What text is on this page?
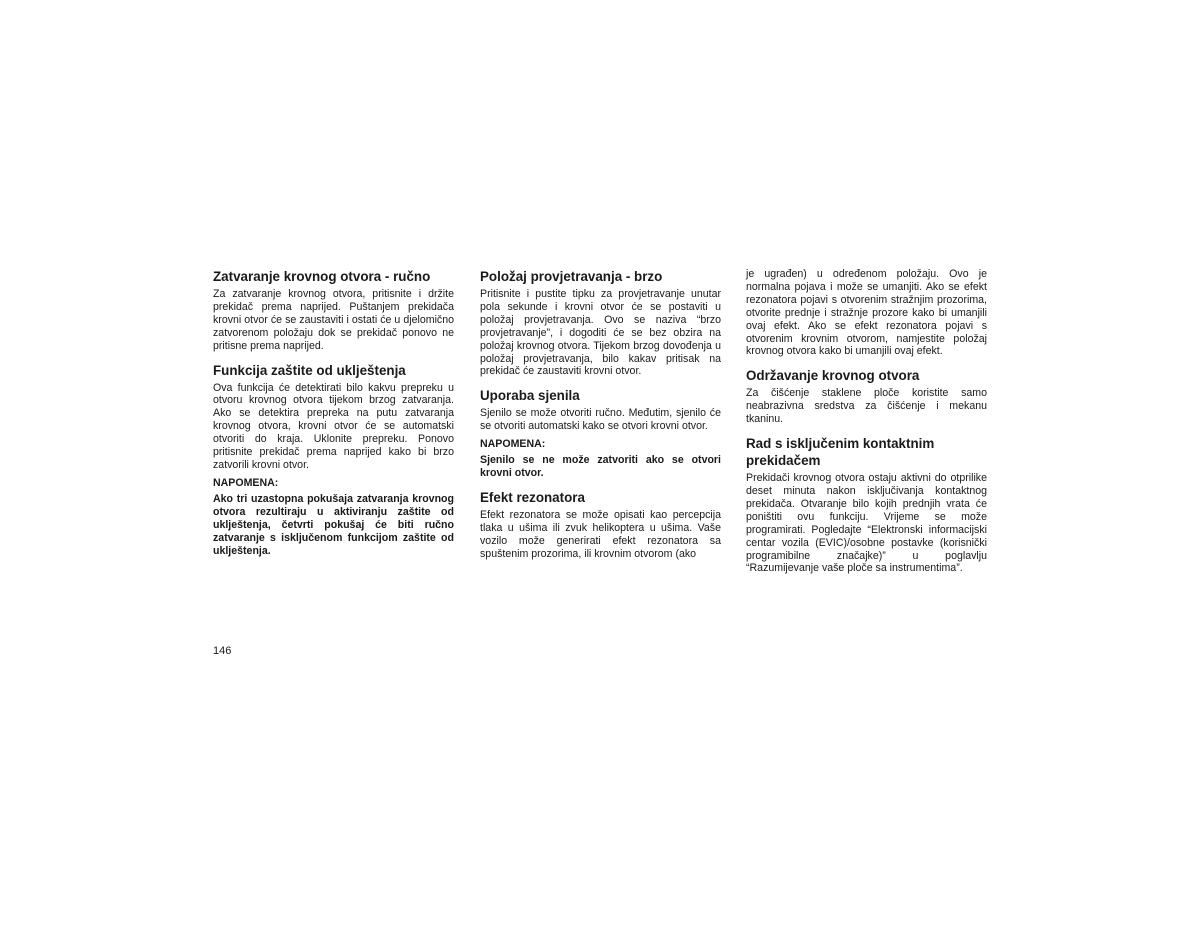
Zatvaranje krovnog otvora - ručno

Za zatvaranje krovnog otvora, pritisnite i držite prekidač prema naprijed. Puštanjem prekidača krovni otvor će se zaustaviti i ostati će u djelomično zatvorenom položaju dok se prekidač ponovo ne pritisne prema naprijed.

Funkcija zaštite od uklještenja

Ova funkcija će detektirati bilo kakvu prepreku u otvoru krovnog otvora tijekom brzog zatvaranja. Ako se detektira prepreka na putu zatvaranja krovnog otvora, krovni otvor će se automatski otvoriti do kraja. Uklonite prepreku. Ponovo pritisnite prekidač prema naprijed kako bi brzo zatvorili krovni otvor.

NAPOMENA:

Ako tri uzastopna pokušaja zatvaranja krovnog otvora rezultiraju u aktiviranju zaštite od uklještenja, četvrti pokušaj će biti ručno zatvaranje s isključenom funkcijom zaštite od uklještenja.

Položaj provjetravanja - brzo

Pritisnite i pustite tipku za provjetravanje unutar pola sekunde i krovni otvor će se postaviti u položaj provjetravanja. Ovo se naziva “brzo provjetravanje”, i dogoditi će se bez obzira na položaj krovnog otvora. Tijekom brzog dovođenja u položaj provjetravanja, bilo kakav pritisak na prekidač će zaustaviti krovni otvor.

Uporaba sjenila

Sjenilo se može otvoriti ručno. Međutim, sjenilo će se otvoriti automatski kako se otvori krovni otvor.

NAPOMENA:

Sjenilo se ne može zatvoriti ako se otvori krovni otvor.

Efekt rezonatora

Efekt rezonatora se može opisati kao percepcija tlaka u ušima ili zvuk helikoptera u ušima. Vaše vozilo može generirati efekt rezonatora sa spuštenim prozorima, ili krovnim otvorom (ako

je ugrađen) u određenom položaju. Ovo je normalna pojava i može se umanjiti. Ako se efekt rezonatora pojavi s otvorenim stražnjim prozorima, otvorite prednje i stražnje prozore kako bi umanjili ovaj efekt. Ako se efekt rezonatora pojavi s otvorenim krovnim otvorom, namjestite položaj krovnog otvora kako bi umanjili ovaj efekt.

Održavanje krovnog otvora

Za čišćenje staklene ploče koristite samo neabrazivna sredstva za čišćenje i mekanu tkaninu.

Rad s isključenim kontaktnim prekidačem

Prekidači krovnog otvora ostaju aktivni do otprilike deset minuta nakon isključivanja kontaktnog prekidača. Otvaranje bilo kojih prednjih vrata će poništiti ovu funkciju. Vrijeme se može programirati. Pogledajte “Elektronski informacijski centar vozila (EVIC)/osobne postavke (korisnički programibilne značajke)” u poglavlju “Razumijevanje vaše ploče sa instrumentima”.

146
